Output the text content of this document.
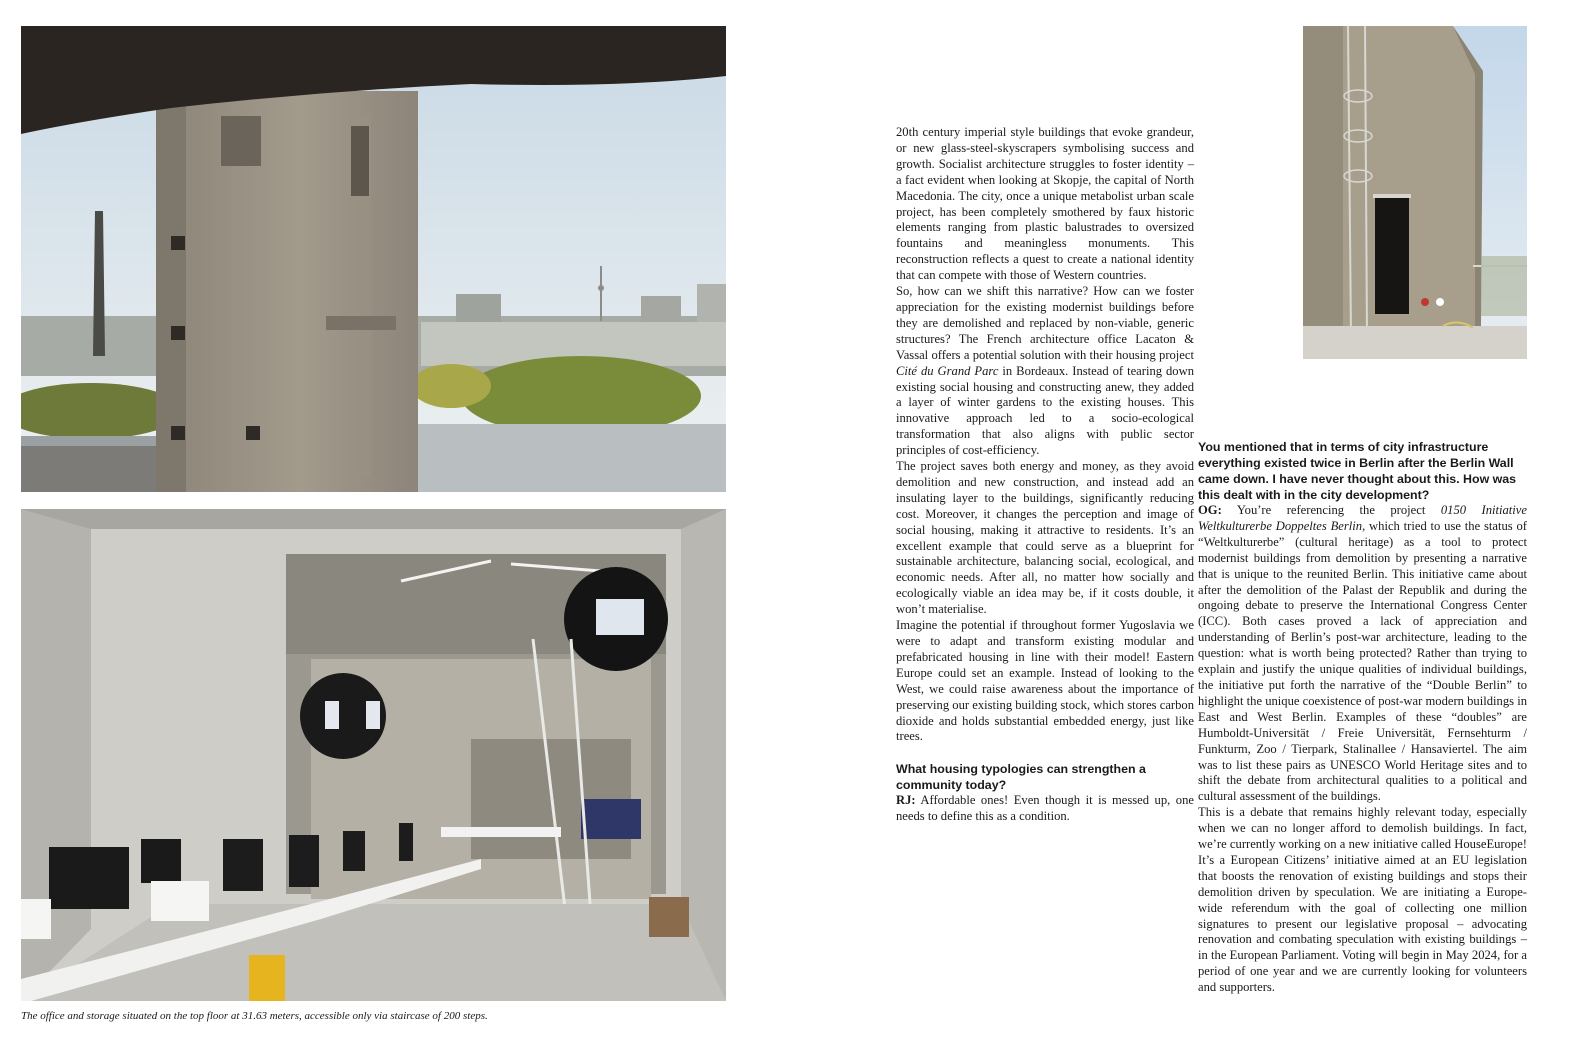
The office and storage situated on the top floor at 31.63 meters, accessible only via staircase of 200 steps.

20th century imperial style buildings that evoke grandeur, or new glass-steel-skyscrapers symbolising success and growth. Socialist architecture struggles to foster identity – a fact evident when looking at Skopje, the capital of North Macedonia. The city, once a unique metabolist urban scale project, has been completely smothered by faux historic elements ranging from plastic balustrades to oversized fountains and meaningless monuments. This reconstruction reflects a quest to create a national identity that can compete with those of Western countries.

So, how can we shift this narrative? How can we foster appreciation for the existing modernist buildings before they are demolished and replaced by non-viable, generic structures? The French architecture office Lacaton & Vassal offers a potential solution with their housing project Cité du Grand Parc in Bordeaux. Instead of tearing down existing social housing and constructing anew, they added a layer of winter gardens to the existing houses. This innovative approach led to a socio-ecological transformation that also aligns with public sector principles of cost-efficiency.

The project saves both energy and money, as they avoid demolition and new construction, and instead add an insulating layer to the buildings, significantly reducing cost. Moreover, it changes the perception and image of social housing, making it attractive to residents. It’s an excellent example that could serve as a blueprint for sustainable architecture, balancing social, ecological, and economic needs. After all, no matter how socially and ecologically viable an idea may be, if it costs double, it won’t materialise.

Imagine the potential if throughout former Yugoslavia we were to adapt and transform existing modular and prefabricated housing in line with their model! Eastern Europe could set an example. Instead of looking to the West, we could raise awareness about the importance of preserving our existing building stock, which stores carbon dioxide and holds substantial embedded energy, just like trees.

What housing typologies can strengthen a community today?

RJ: Affordable ones! Even though it is messed up, one needs to define this as a condition.

You mentioned that in terms of city infrastructure everything existed twice in Berlin after the Berlin Wall came down. I have never thought about this. How was this dealt with in the city development?

OG: You’re referencing the project 0150 Initiative Weltkulturerbe Doppeltes Berlin, which tried to use the status of “Weltkulturerbe” (cultural heritage) as a tool to protect modernist buildings from demolition by presenting a narrative that is unique to the reunited Berlin. This initiative came about after the demolition of the Palast der Republik and during the ongoing debate to preserve the International Congress Center (ICC). Both cases proved a lack of appreciation and understanding of Berlin’s post-war architecture, leading to the question: what is worth being protected? Rather than trying to explain and justify the unique qualities of individual buildings, the initiative put forth the narrative of the “Double Berlin” to highlight the unique coexistence of post-war modern buildings in East and West Berlin. Examples of these “doubles” are Humboldt-Universität / Freie Universität, Fernsehturm / Funkturm, Zoo / Tierpark, Stalinallee / Hansaviertel. The aim was to list these pairs as UNESCO World Heritage sites and to shift the debate from architectural qualities to a political and cultural assessment of the buildings.

This is a debate that remains highly relevant today, especially when we can no longer afford to demolish buildings. In fact, we’re currently working on a new initiative called HouseEurope! It’s a European Citizens’ initiative aimed at an EU legislation that boosts the renovation of existing buildings and stops their demolition driven by speculation. We are initiating a Europe-wide referendum with the goal of collecting one million signatures to present our legislative proposal – advocating renovation and combating speculation with existing buildings – in the European Parliament. Voting will begin in May 2024, for a period of one year and we are currently looking for volunteers and supporters.
